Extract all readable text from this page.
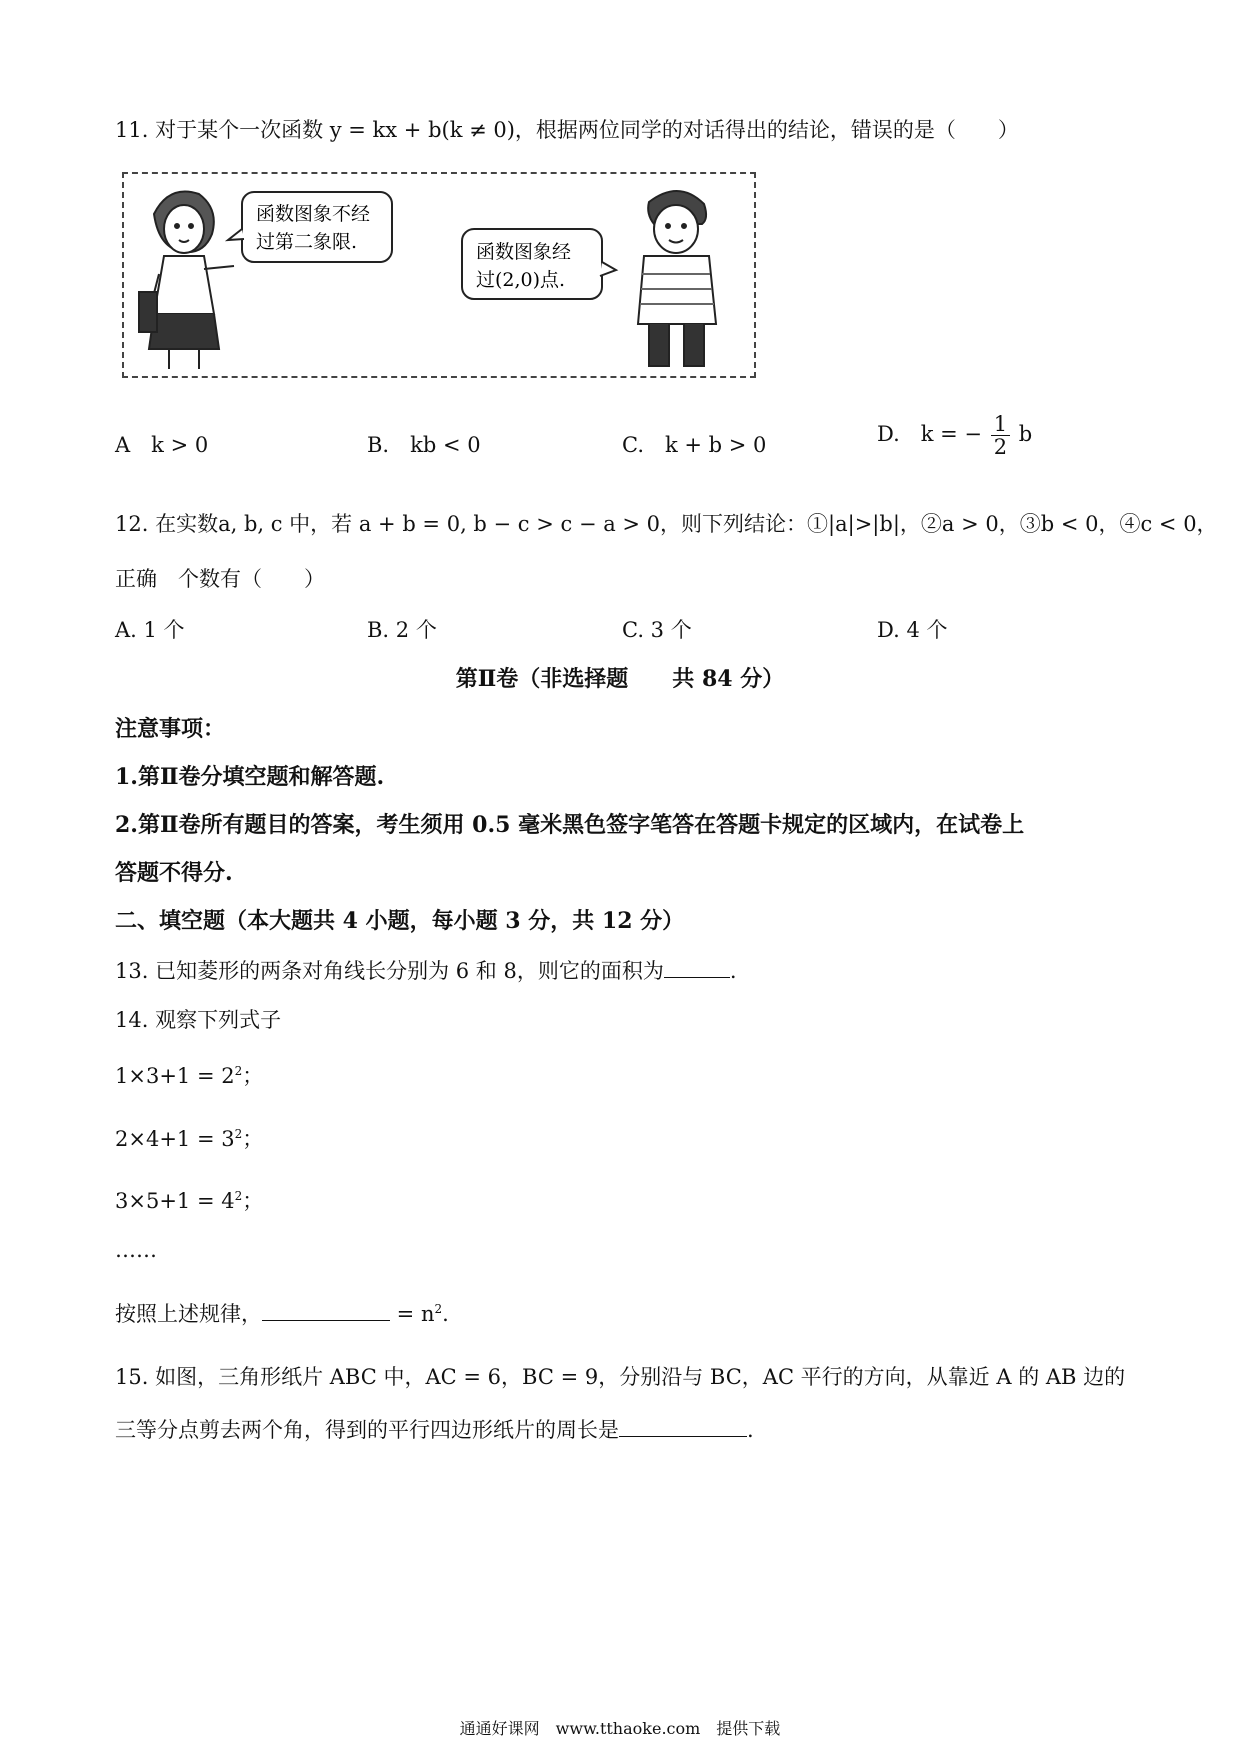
11. 对于某个一次函数 y = kx + b(k ≠ 0)，根据两位同学的对话得出的结论，错误的是（　　）
函数图象不经
过第二象限.	函数图象经
过(2,0)点.
A　k > 0	B.　kb < 0	C.　k + b > 0	D.　k = − $\frac{1}{2}$ b
12. 在实数a, b, c 中，若 a + b = 0, b − c > c − a > 0，则下列结论：①|a|>|b|，②a > 0，③b < 0，④c < 0，
正确　个数有（　　）
A. 1 个	B. 2 个	C. 3 个	D. 4 个
第Ⅱ卷（非选择题　　共 84 分）
注意事项：
1.第Ⅱ卷分填空题和解答题.
2.第Ⅱ卷所有题目的答案，考生须用 0.5 毫米黑色签字笔答在答题卡规定的区域内，在试卷上
答题不得分.
二、填空题（本大题共 4 小题，每小题 3 分，共 12 分）
13. 已知菱形的两条对角线长分别为 6 和 8，则它的面积为	.
14. 观察下列式子
$1\times 3+1 = 2^2$；
$2\times 4+1 = 3^2$；
$3\times 5+1 = 4^2$；
……
按照上述规律，	= $n^2$.
15. 如图，三角形纸片 ABC 中，AC = 6，BC = 9，分别沿与 BC，AC 平行的方向，从靠近 A 的 AB 边的
三等分点剪去两个角，得到的平行四边形纸片的周长是	.
通通好课网　www.tthaoke.com　提供下载
